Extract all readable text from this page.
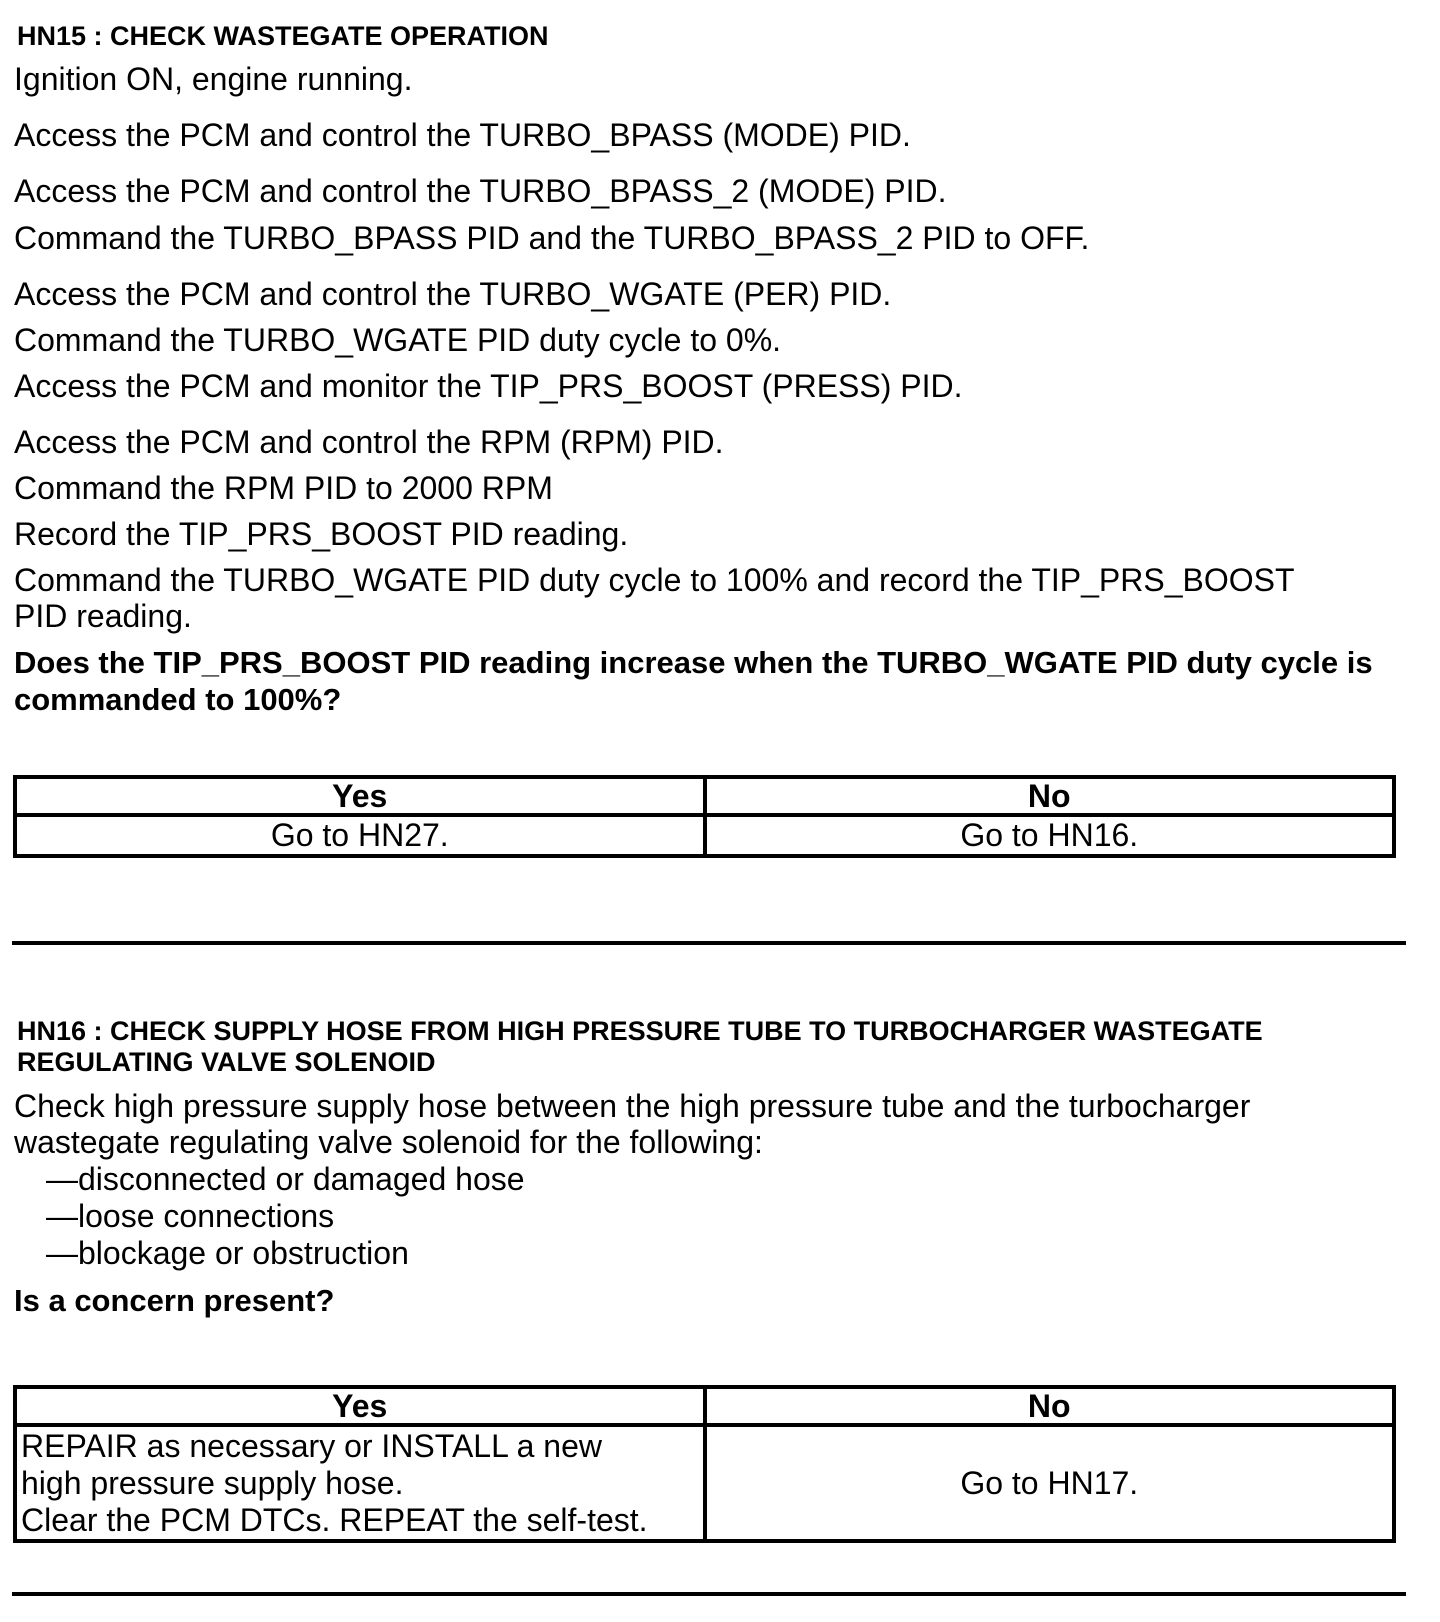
HN15 : CHECK WASTEGATE OPERATION
Ignition ON, engine running.
Access the PCM and control the TURBO_BPASS (MODE) PID.
Access the PCM and control the TURBO_BPASS_2 (MODE) PID.
Command the TURBO_BPASS PID and the TURBO_BPASS_2 PID to OFF.
Access the PCM and control the TURBO_WGATE (PER) PID.
Command the TURBO_WGATE PID duty cycle to 0%.
Access the PCM and monitor the TIP_PRS_BOOST (PRESS) PID.
Access the PCM and control the RPM (RPM) PID.
Command the RPM PID to 2000 RPM
Record the TIP_PRS_BOOST PID reading.
Command the TURBO_WGATE PID duty cycle to 100% and record the TIP_PRS_BOOST
PID reading.
Does the TIP_PRS_BOOST PID reading increase when the TURBO_WGATE PID duty cycle is commanded to 100%?
Yes	No
Go to HN27.	Go to HN16.
HN16 : CHECK SUPPLY HOSE FROM HIGH PRESSURE TUBE TO TURBOCHARGER WASTEGATE
REGULATING VALVE SOLENOID
Check high pressure supply hose between the high pressure tube and the turbocharger
wastegate regulating valve solenoid for the following:
—disconnected or damaged hose
—loose connections
—blockage or obstruction
Is a concern present?
Yes	No

REPAIR as necessary or INSTALL a new
high pressure supply hose.
Clear the PCM DTCs. REPEAT the self-test.	Go to HN17.
